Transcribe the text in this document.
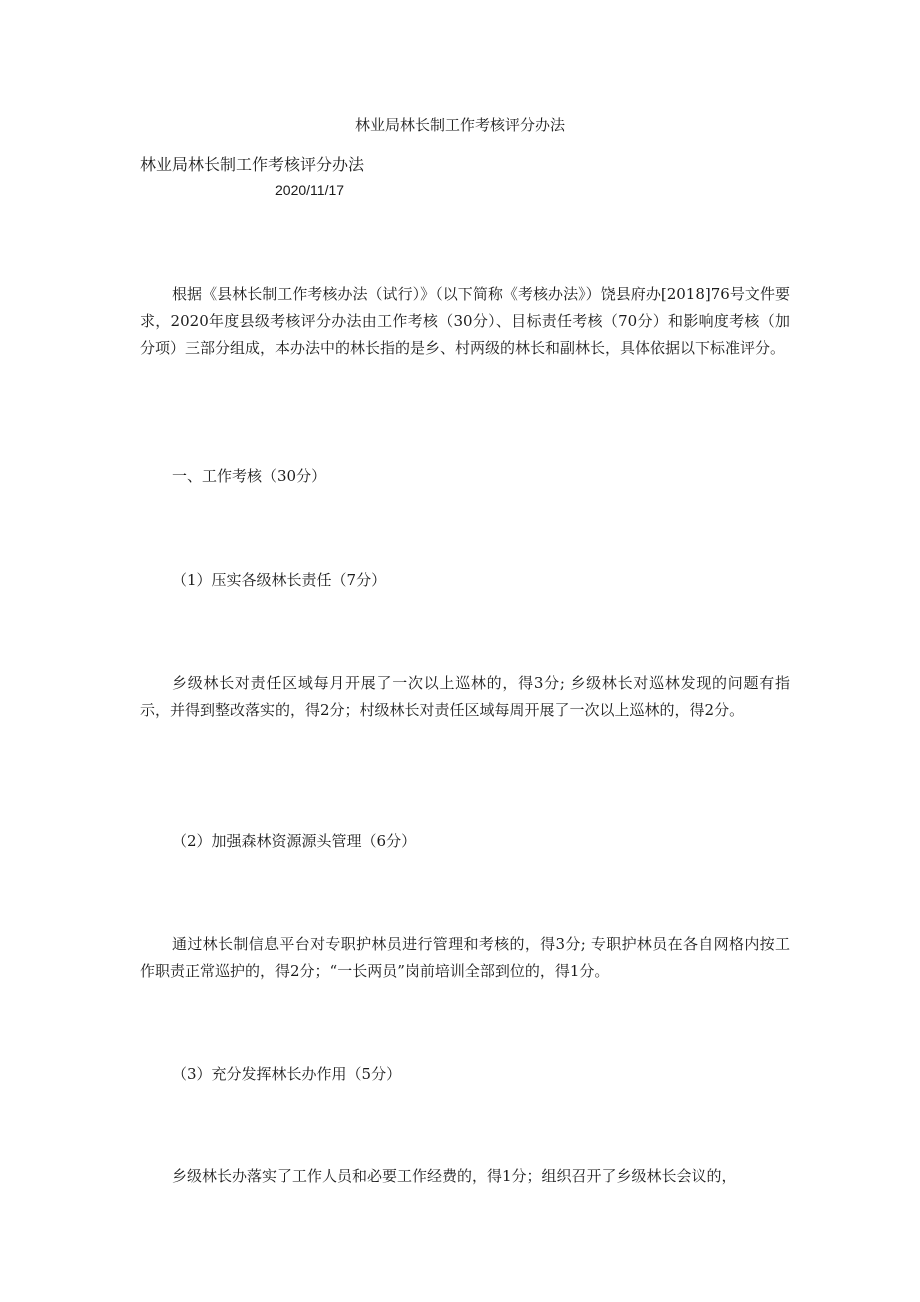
林业局林长制工作考核评分办法

林业局林长制工作考核评分办法

2020/11/17

根据《县林长制工作考核办法（试行）》（以下简称《考核办法》）饶县府办[2018]76号文件要求，2020年度县级考核评分办法由工作考核（30分）、目标责任考核（70分）和影响度考核（加分项）三部分组成，本办法中的林长指的是乡、村两级的林长和副林长，具体依据以下标准评分。

一、工作考核（30分）

（1）压实各级林长责任（7分）

乡级林长对责任区域每月开展了一次以上巡林的，得3分; 乡级林长对巡林发现的问题有指示，并得到整改落实的，得2分；村级林长对责任区域每周开展了一次以上巡林的，得2分。

（2）加强森林资源源头管理（6分）

通过林长制信息平台对专职护林员进行管理和考核的，得3分; 专职护林员在各自网格内按工作职责正常巡护的，得2分；“一长两员”岗前培训全部到位的，得1分。

（3）充分发挥林长办作用（5分）

乡级林长办落实了工作人员和必要工作经费的，得1分；组织召开了乡级林长会议的，
